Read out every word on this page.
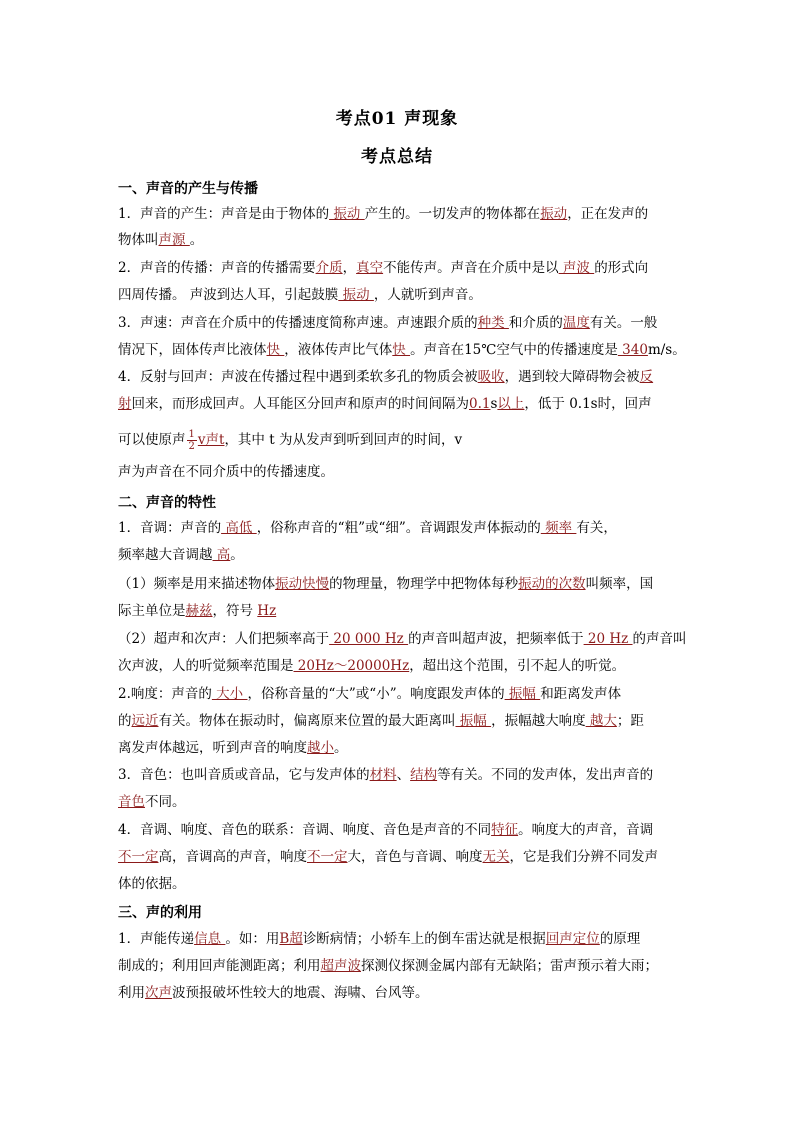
考点01 声现象
考点总结
一、声音的产生与传播
1．声音的产生：声音是由于物体的 振动 产生的。一切发声的物体都在振动，正在发声的
物体叫声源 。
2．声音的传播：声音的传播需要介质，真空不能传声。声音在介质中是以 声波 的形式向
四周传播。 声波到达人耳，引起鼓膜 振动 ，人就听到声音。
3．声速：声音在介质中的传播速度简称声速。声速跟介质的种类 和介质的温度有关。一般
情况下，固体传声比液体快 ，液体传声比气体快 。声音在15℃空气中的传播速度是 340m/s。
4．反射与回声：声波在传播过程中遇到柔软多孔的物质会被吸收，遇到较大障碍物会被反
射回来，而形成回声。人耳能区分回声和原声的时间间隔为0.1s以上，低于 0.1s时，回声
可以使原声 $\frac{1}{2}$ v声t，其中 t 为从发声到听到回声的时间，v
声为声音在不同介质中的传播速度。
二、声音的特性
1．音调：声音的 高低 ，俗称声音的“粗”或“细”。音调跟发声体振动的 频率 有关，
频率越大音调越 高。
（1）频率是用来描述物体振动快慢的物理量，物理学中把物体每秒振动的次数叫频率，国
际主单位是赫兹，符号 Hz
（2）超声和次声：人们把频率高于 20 000 Hz 的声音叫超声波，把频率低于 20 Hz 的声音叫
次声波，人的听觉频率范围是 20Hz～20000Hz，超出这个范围，引不起人的听觉。
2.响度：声音的 大小 ，俗称音量的“大”或“小”。响度跟发声体的 振幅 和距离发声体
的远近有关。物体在振动时，偏离原来位置的最大距离叫 振幅 ，振幅越大响度 越大；距
离发声体越远，听到声音的响度越小。
3．音色：也叫音质或音品，它与发声体的材料、结构等有关。不同的发声体，发出声音的
音色不同。
4．音调、响度、音色的联系：音调、响度、音色是声音的不同特征。响度大的声音，音调
不一定高，音调高的声音，响度不一定大，音色与音调、响度无关，它是我们分辨不同发声
体的依据。
三、声的利用
1．声能传递信息 。如：用B超诊断病情；小轿车上的倒车雷达就是根据回声定位的原理
制成的；利用回声能测距离；利用超声波探测仪探测金属内部有无缺陷；雷声预示着大雨；
利用次声波预报破坏性较大的地震、海啸、台风等。
